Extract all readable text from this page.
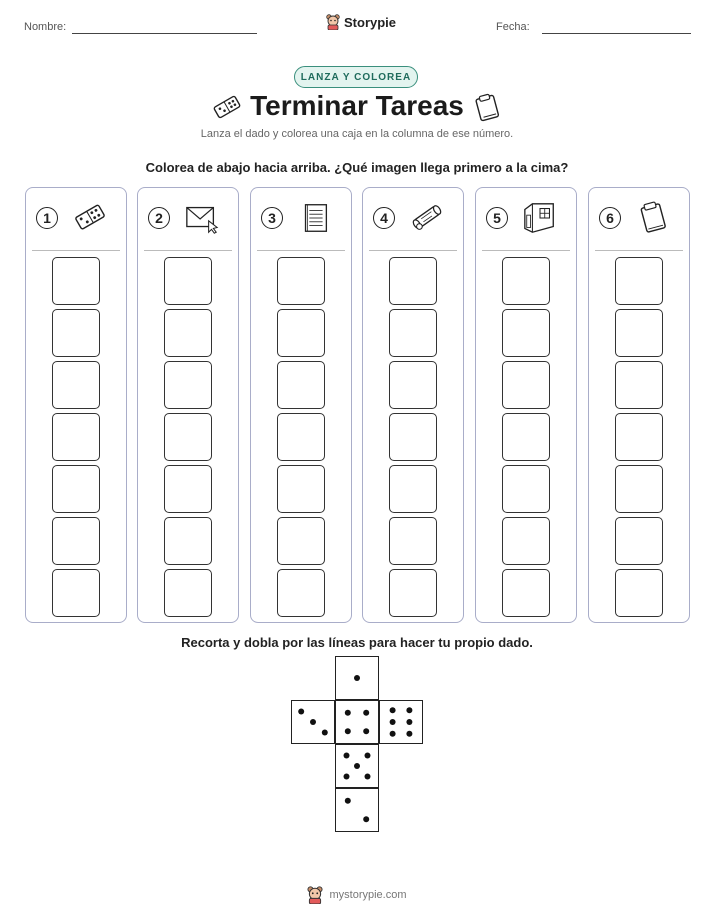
Nombre:	Storypie	Fecha:
LANZA Y COLOREA
Terminar Tareas
Lanza el dado y colorea una caja en la columna de ese número.
Colorea de abajo hacia arriba. ¿Qué imagen llega primero a la cima?
1	2	3	4	5	6
Recorta y dobla por las líneas para hacer tu propio dado.
mystorypie.com
